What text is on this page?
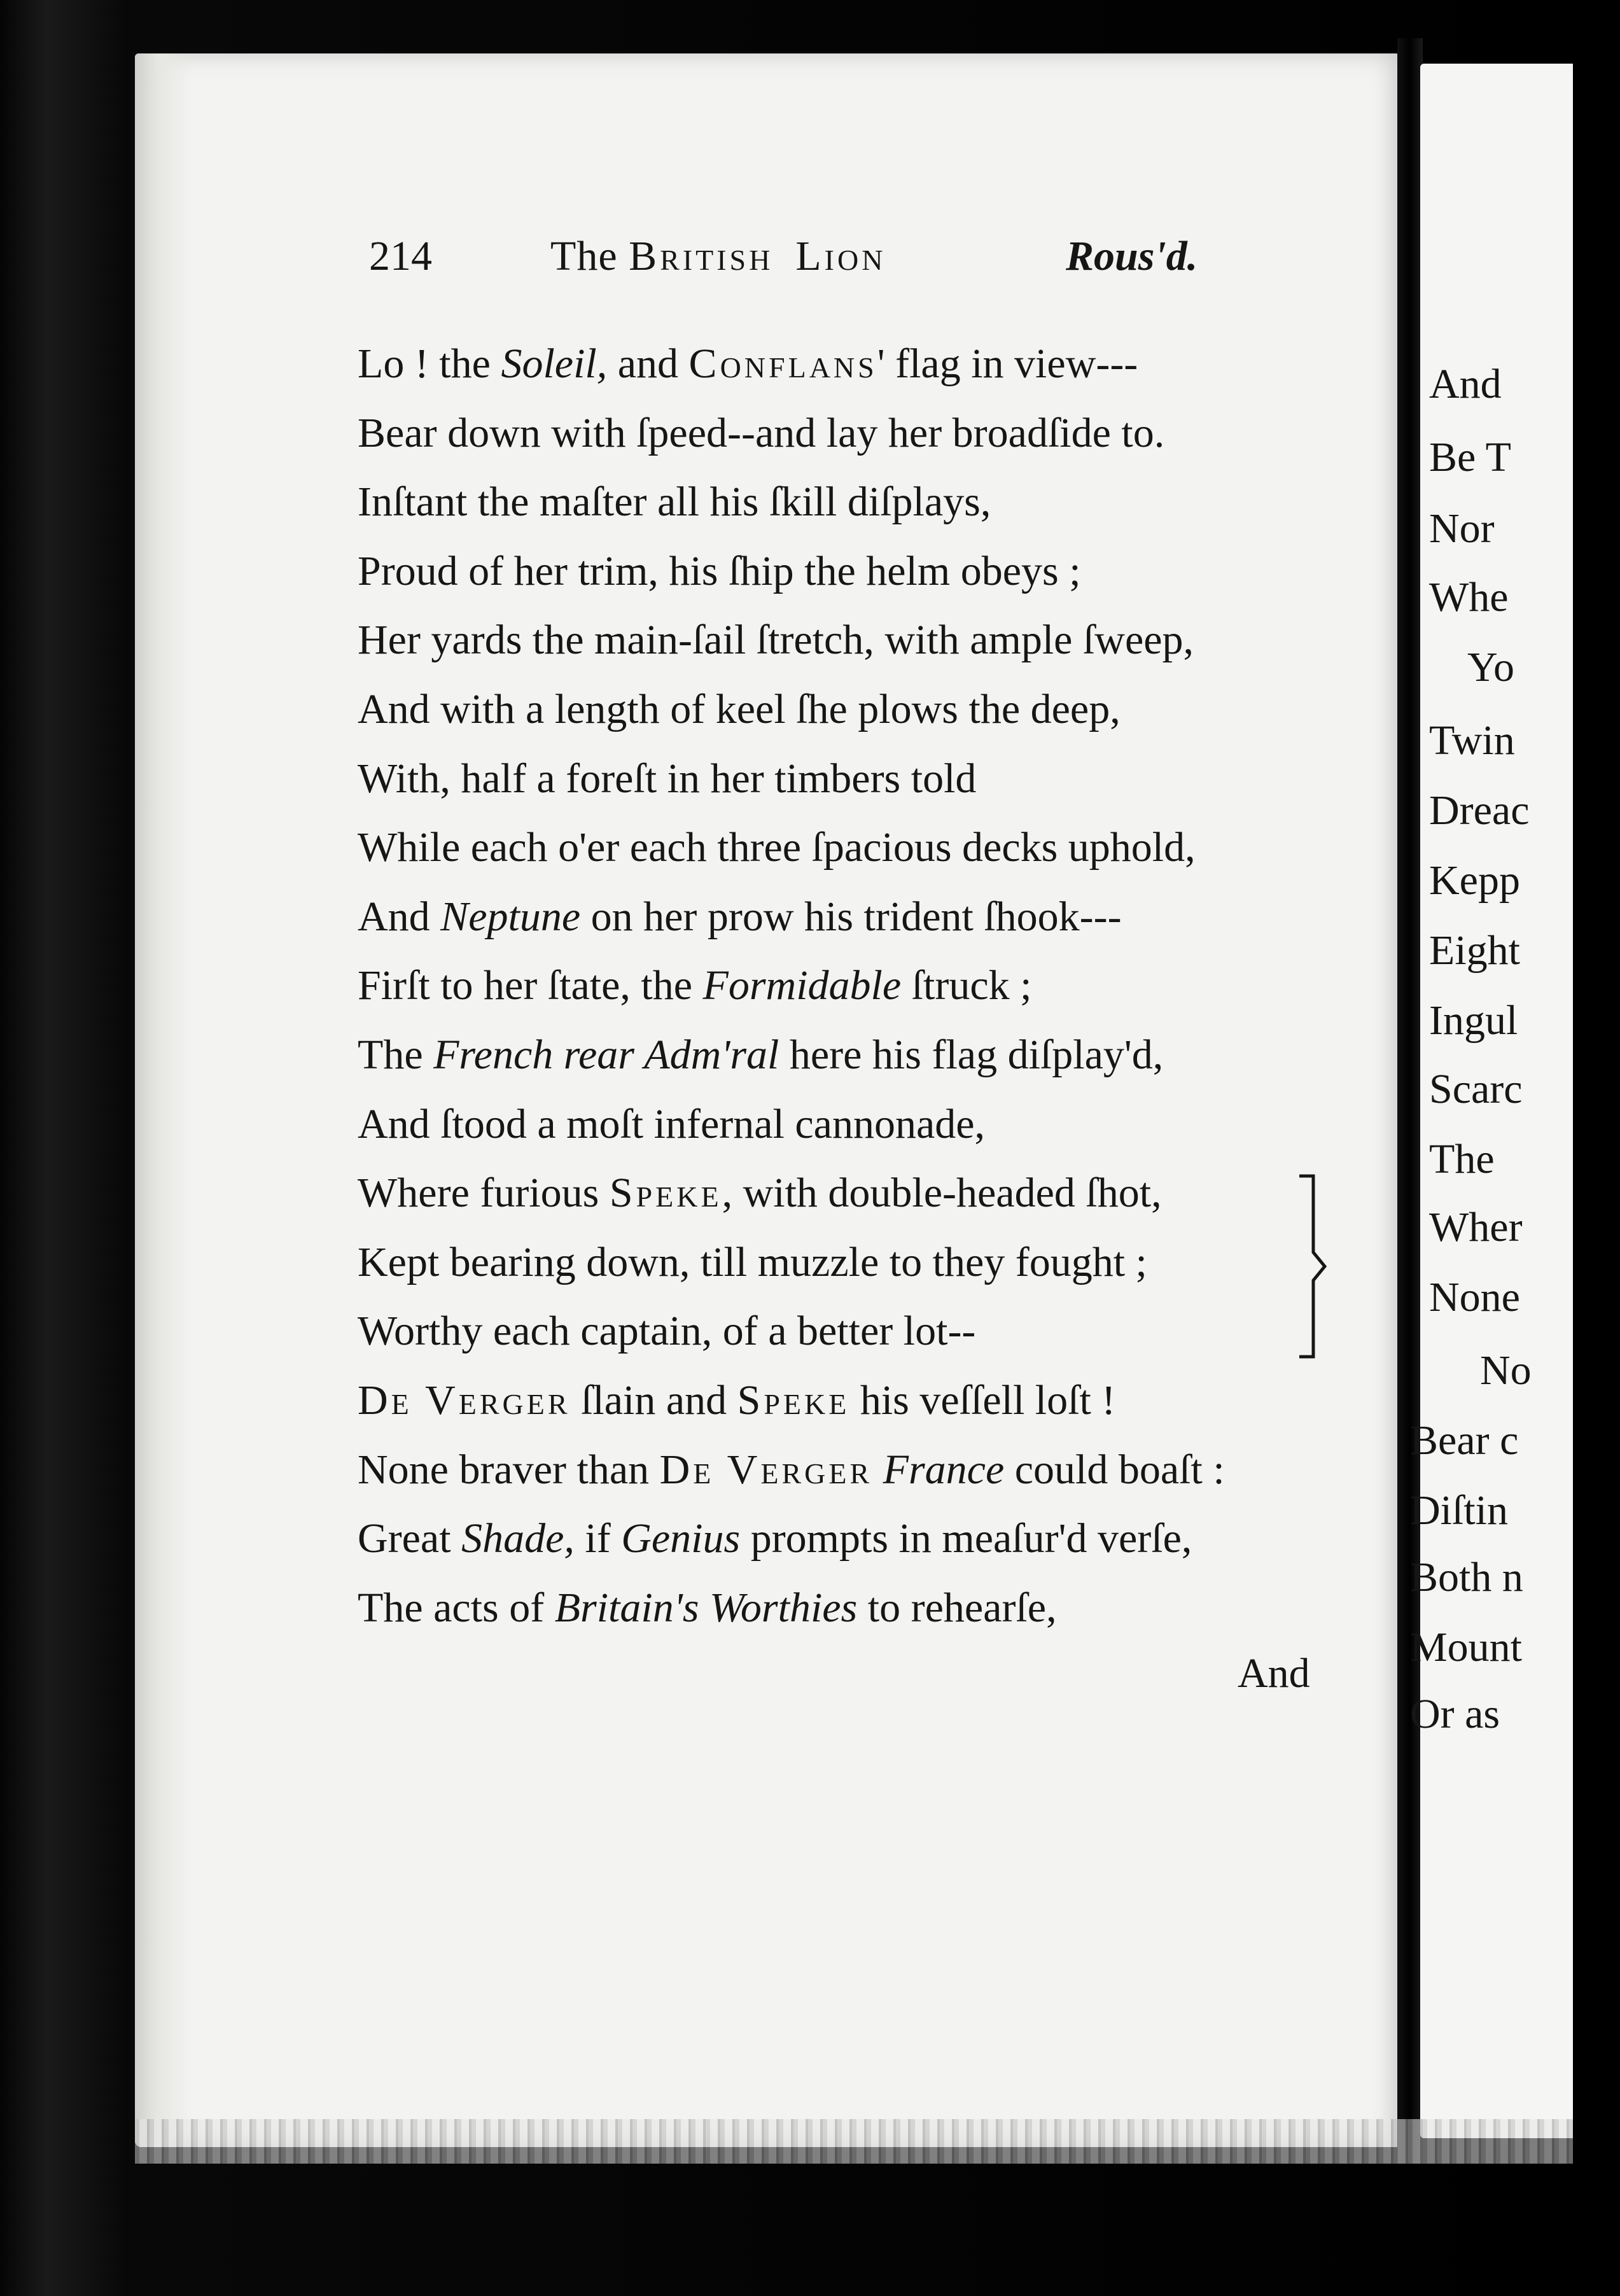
And
Be T
Nor
Whe
Yo
Twin
Dreac
Kepp
Eight
Ingul
Scarc
The
Wher
None
No
Bear c
Diſtin
Both n
Mount
Or as
214	The British Lion	Rous'd.
Lo ! the Soleil, and Conflans' flag in view---
Bear down with ſpeed--and lay her broadſide to.
Inſtant the maſter all his ſkill diſplays,
Proud of her trim, his ſhip the helm obeys ;
Her yards the main-ſail ſtretch, with ample ſweep,
And with a length of keel ſhe plows the deep,
With, half a foreſt in her timbers told
While each o'er each three ſpacious decks uphold,
And Neptune on her prow his trident ſhook---
Firſt to her ſtate, the Formidable ſtruck ;
The French rear Adm'ral here his flag diſplay'd,
And ſtood a moſt infernal cannonade,
Where furious Speke, with double-headed ſhot,
Kept bearing down, till muzzle to they fought ;
Worthy each captain, of a better lot--
De Verger ſlain and Speke his veſſell loſt !
None braver than De Verger France could boaſt :
Great Shade, if Genius prompts in meaſur'd verſe,
The acts of Britain's Worthies to rehearſe,
And
